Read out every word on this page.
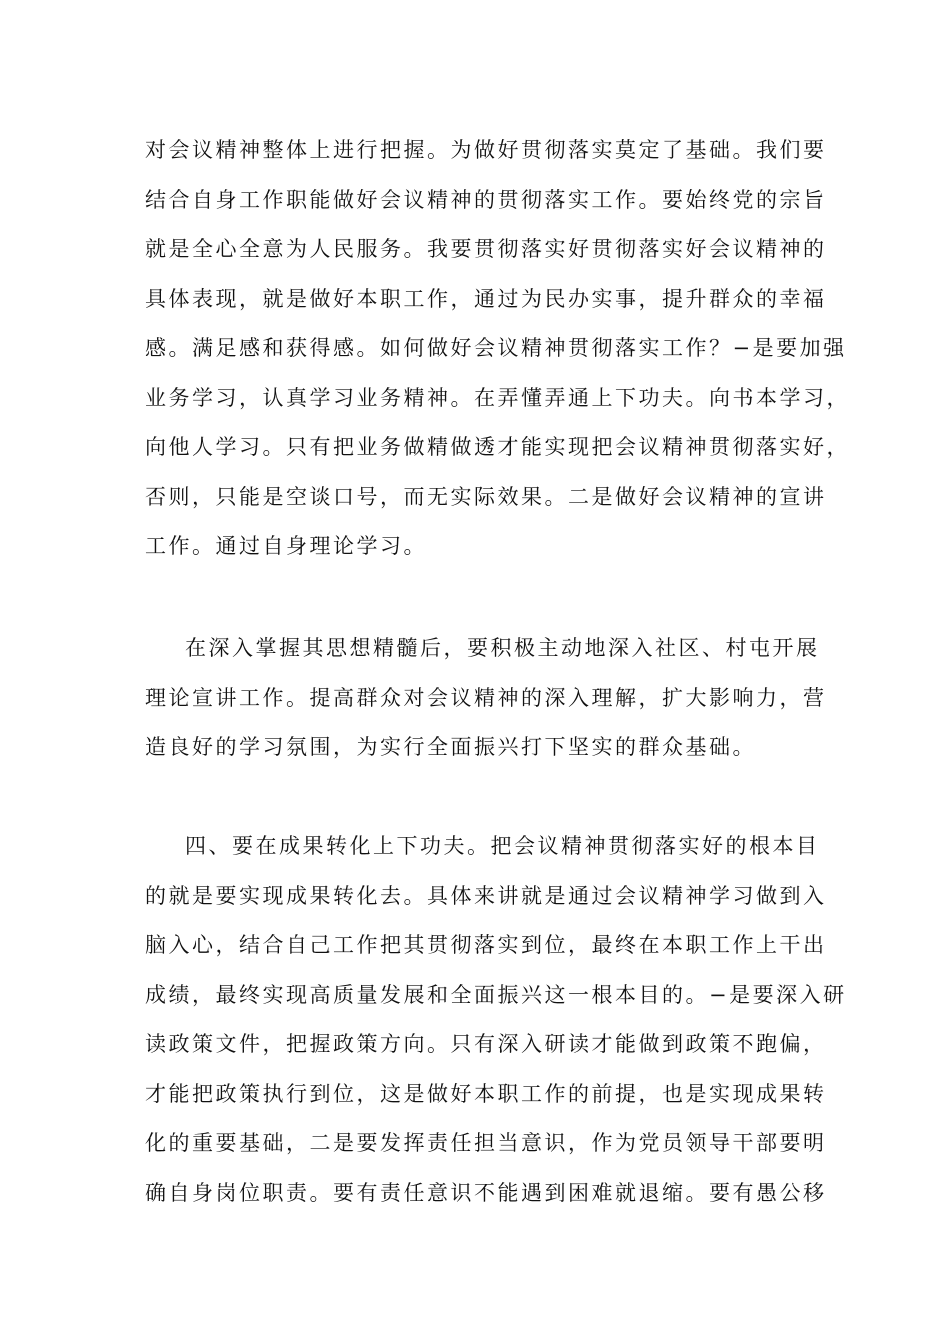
对会议精神整体上进行把握。为做好贯彻落实莫定了基础。我们要
结合自身工作职能做好会议精神的贯彻落实工作。要始终党的宗旨
就是全心全意为人民服务。我要贯彻落实好贯彻落实好会议精神的
具体表现，就是做好本职工作，通过为民办实事，提升群众的幸福
感。满足感和获得感。如何做好会议精神贯彻落实工作？−是要加强
业务学习，认真学习业务精神。在弄懂弄通上下功夫。向书本学习，
向他人学习。只有把业务做精做透才能实现把会议精神贯彻落实好，
否则，只能是空谈口号，而无实际效果。二是做好会议精神的宣讲
工作。通过自身理论学习。
在深入掌握其思想精髓后，要积极主动地深入社区、村屯开展
理论宣讲工作。提高群众对会议精神的深入理解，扩大影响力，营
造良好的学习氛围，为实行全面振兴打下坚实的群众基础。
四、要在成果转化上下功夫。把会议精神贯彻落实好的根本目
的就是要实现成果转化去。具体来讲就是通过会议精神学习做到入
脑入心，结合自己工作把其贯彻落实到位，最终在本职工作上干出
成绩，最终实现高质量发展和全面振兴这一根本目的。−是要深入研
读政策文件，把握政策方向。只有深入研读才能做到政策不跑偏，
才能把政策执行到位，这是做好本职工作的前提，也是实现成果转
化的重要基础，二是要发挥责任担当意识，作为党员领导干部要明
确自身岗位职责。要有责任意识不能遇到困难就退缩。要有愚公移
